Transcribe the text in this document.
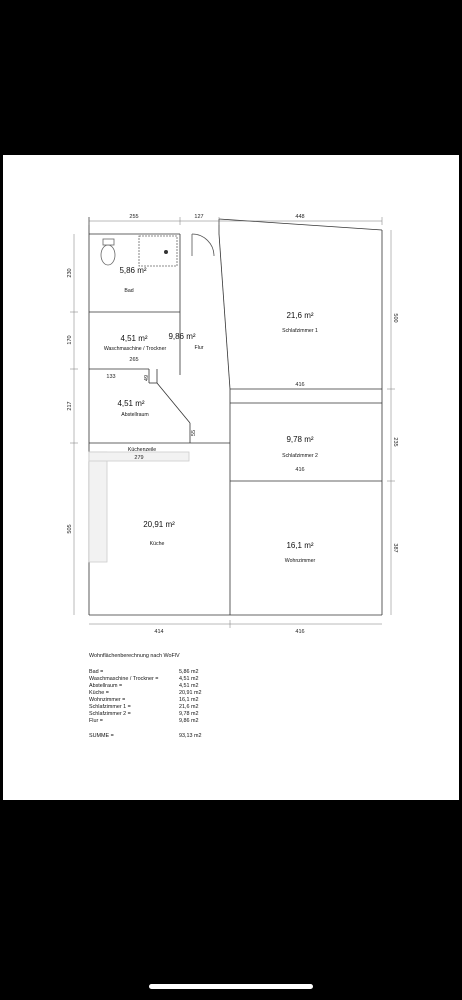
255	127	448
230
170
217
505
500
235
387
414	416
265
133	49
55
279
416
416
5,86 m²
Bad
4,51 m²
Waschmaschine / Trockner
9,86 m²
Flur
4,51 m²
Abstellraum
Küchenzeile
20,91 m²
Küche
21,6 m²
Schlafzimmer 1
9,78 m²
Schlafzimmer 2
16,1 m²
Wohnzimmer
Wohnflächenberechnung nach WoFlV
Bad =	5,86 m2
Waschmaschine / Trockner =	4,51 m2
Abstellraum =	4,51 m2
Küche =	20,91 m2
Wohnzimmer =	16,1 m2
Schlafzimmer 1 =	21,6 m2
Schlafzimmer 2 =	9,78 m2
Flur =	9,86 m2
SUMME =	93,13 m2
